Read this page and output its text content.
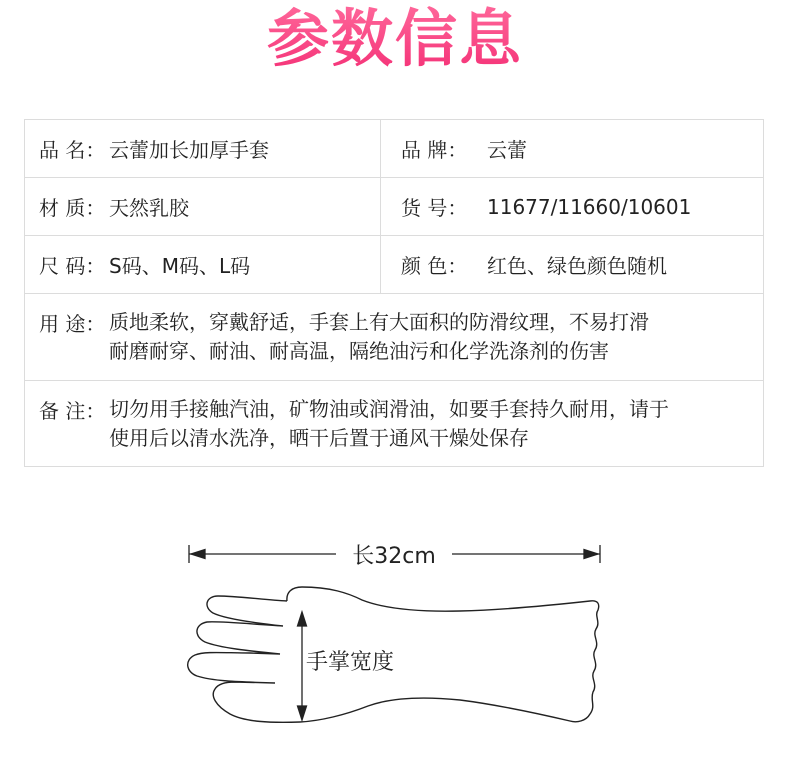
参数信息
品 名： 云蕾加长加厚手套	品 牌： 云蕾
材 质： 天然乳胶	货 号： 11677/11660/10601
尺 码： S码、M码、L码	颜 色： 红色、绿色颜色随机
用 途： 质地柔软，穿戴舒适，手套上有大面积的防滑纹理，不易打滑
耐磨耐穿、耐油、耐高温，隔绝油污和化学洗涤剂的伤害
备 注： 切勿用手接触汽油，矿物油或润滑油，如要手套持久耐用，请于
使用后以清水洗净，晒干后置于通风干燥处保存
长32cm
手掌宽度
